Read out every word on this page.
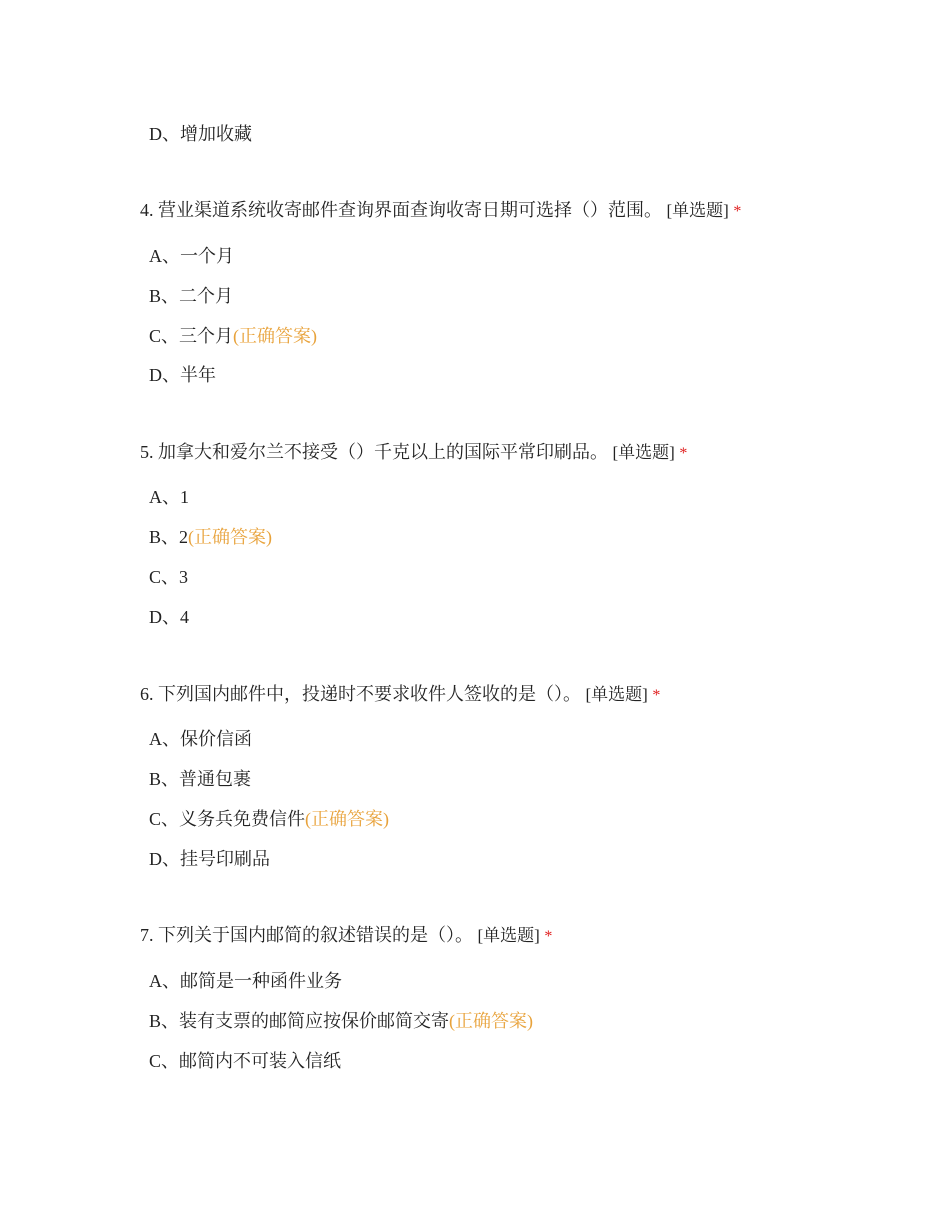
D、增加收藏
4. 营业渠道系统收寄邮件查询界面查询收寄日期可选择（）范围。 [单选题] *
A、一个月
B、二个月
C、三个月(正确答案)
D、半年
5. 加拿大和爱尔兰不接受（）千克以上的国际平常印刷品。 [单选题] *
A、1
B、2(正确答案)
C、3
D、4
6. 下列国内邮件中，投递时不要求收件人签收的是（）。 [单选题] *
A、保价信函
B、普通包裹
C、义务兵免费信件(正确答案)
D、挂号印刷品
7. 下列关于国内邮简的叙述错误的是（）。 [单选题] *
A、邮简是一种函件业务
B、装有支票的邮简应按保价邮简交寄(正确答案)
C、邮简内不可装入信纸
